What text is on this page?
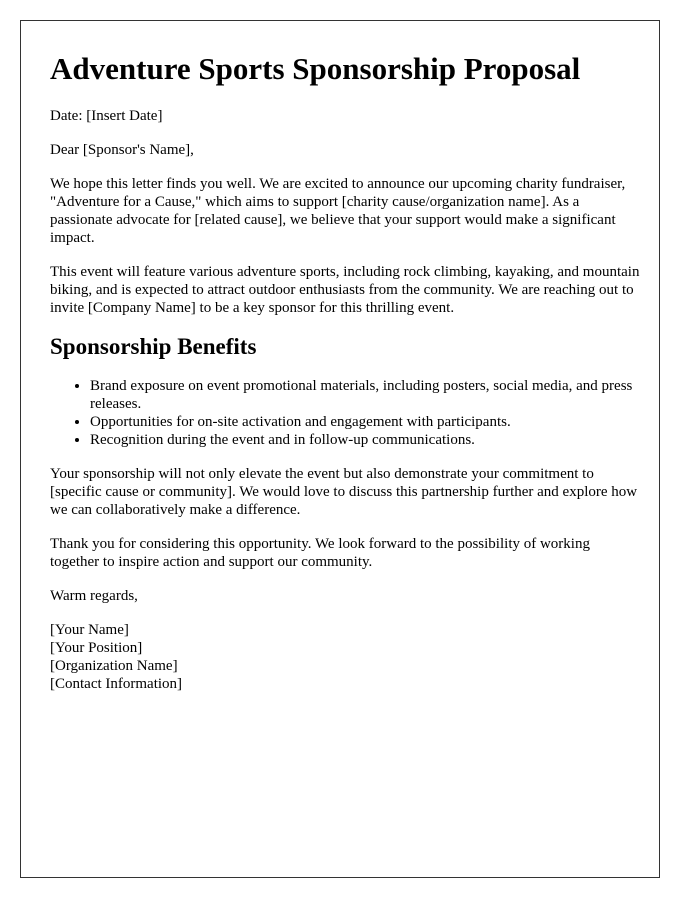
Adventure Sports Sponsorship Proposal

Date: [Insert Date]

Dear [Sponsor's Name],

We hope this letter finds you well. We are excited to announce our upcoming charity fundraiser, "Adventure for a Cause," which aims to support [charity cause/organization name]. As a passionate advocate for [related cause], we believe that your support would make a significant impact.

This event will feature various adventure sports, including rock climbing, kayaking, and mountain biking, and is expected to attract outdoor enthusiasts from the community. We are reaching out to invite [Company Name] to be a key sponsor for this thrilling event.

Sponsorship Benefits
• Brand exposure on event promotional materials, including posters, social media, and press releases.
• Opportunities for on-site activation and engagement with participants.
• Recognition during the event and in follow-up communications.

Your sponsorship will not only elevate the event but also demonstrate your commitment to [specific cause or community]. We would love to discuss this partnership further and explore how we can collaboratively make a difference.

Thank you for considering this opportunity. We look forward to the possibility of working together to inspire action and support our community.

Warm regards,

[Your Name]
[Your Position]
[Organization Name]
[Contact Information]
